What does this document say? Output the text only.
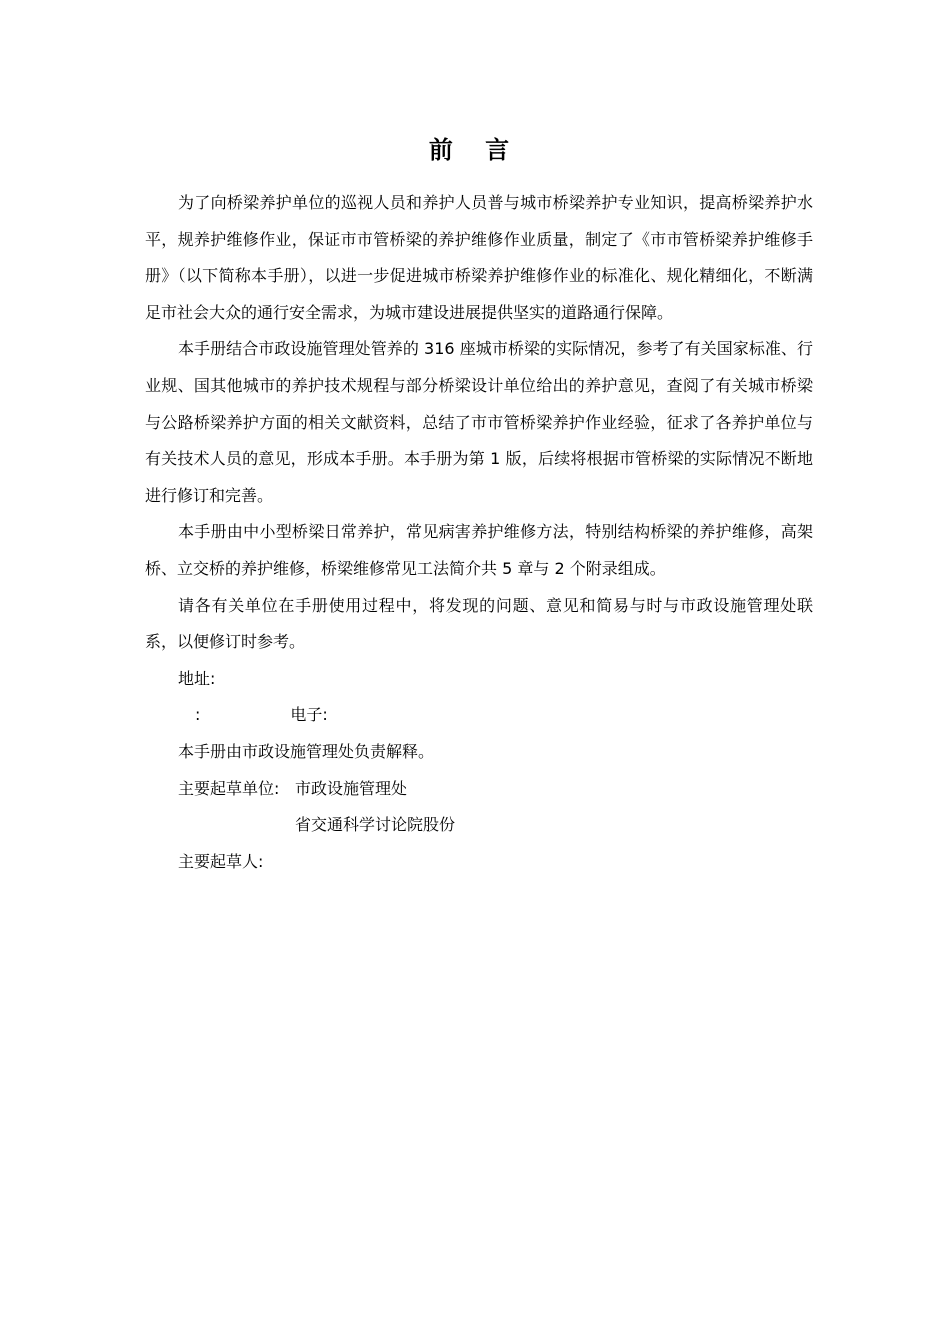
前 言

为了向桥梁养护单位的巡视人员和养护人员普与城市桥梁养护专业知识，提高桥梁养护水平，规养护维修作业，保证市市管桥梁的养护维修作业质量，制定了《市市管桥梁养护维修手册》（以下简称本手册），以进一步促进城市桥梁养护维修作业的标准化、规化精细化，不断满足市社会大众的通行安全需求，为城市建设进展提供坚实的道路通行保障。

本手册结合市政设施管理处管养的 316 座城市桥梁的实际情况，参考了有关国家标准、行业规、国其他城市的养护技术规程与部分桥梁设计单位给出的养护意见，查阅了有关城市桥梁与公路桥梁养护方面的相关文献资料，总结了市市管桥梁养护作业经验，征求了各养护单位与有关技术人员的意见，形成本手册。本手册为第 1 版，后续将根据市管桥梁的实际情况不断地进行修订和完善。

本手册由中小型桥梁日常养护，常见病害养护维修方法，特别结构桥梁的养护维修，高架桥、立交桥的养护维修，桥梁维修常见工法简介共 5 章与 2 个附录组成。

请各有关单位在手册使用过程中，将发现的问题、意见和简易与时与市政设施管理处联系，以便修订时参考。

地址:

:	电子:

本手册由市政设施管理处负责解释。

主要起草单位: 市政设施管理处
省交通科学讨论院股份

主要起草人:
